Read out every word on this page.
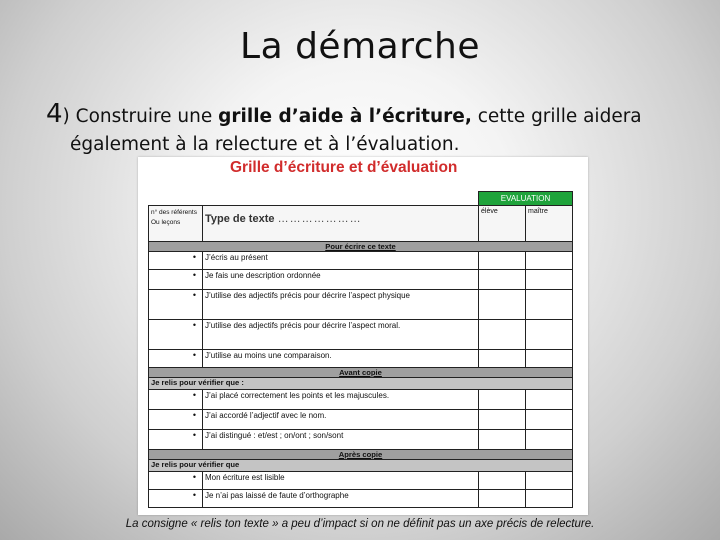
La démarche
4) Construire une grille d’aide à l’écriture, cette grille aidera
également à la relecture et à l’évaluation.
Grille d’écriture et d’évaluation
		EVALUATION	
n° des référents Ou leçons	Type de texte …………………	élève	maître
Pour écrire ce texte			
•	J’écris au présent		
•	Je fais une description ordonnée		
•	J’utilise des adjectifs précis pour décrire l’aspect physique		
•	J’utilise des adjectifs précis pour décrire l’aspect moral.		
•	J’utilise au moins une comparaison.		
Avant copie			
Je relis pour vérifier que :			
•	J’ai placé correctement les points et les majuscules.		
•	J’ai accordé l’adjectif avec le nom.		
•	J’ai distingué : et/est ; on/ont ; son/sont		
Après copie			
Je relis pour vérifier que			
•	Mon écriture est lisible		
•	Je n’ai pas laissé de faute d’orthographe		
La consigne « relis ton texte » a peu d’impact si on ne définit pas un axe précis de relecture.
